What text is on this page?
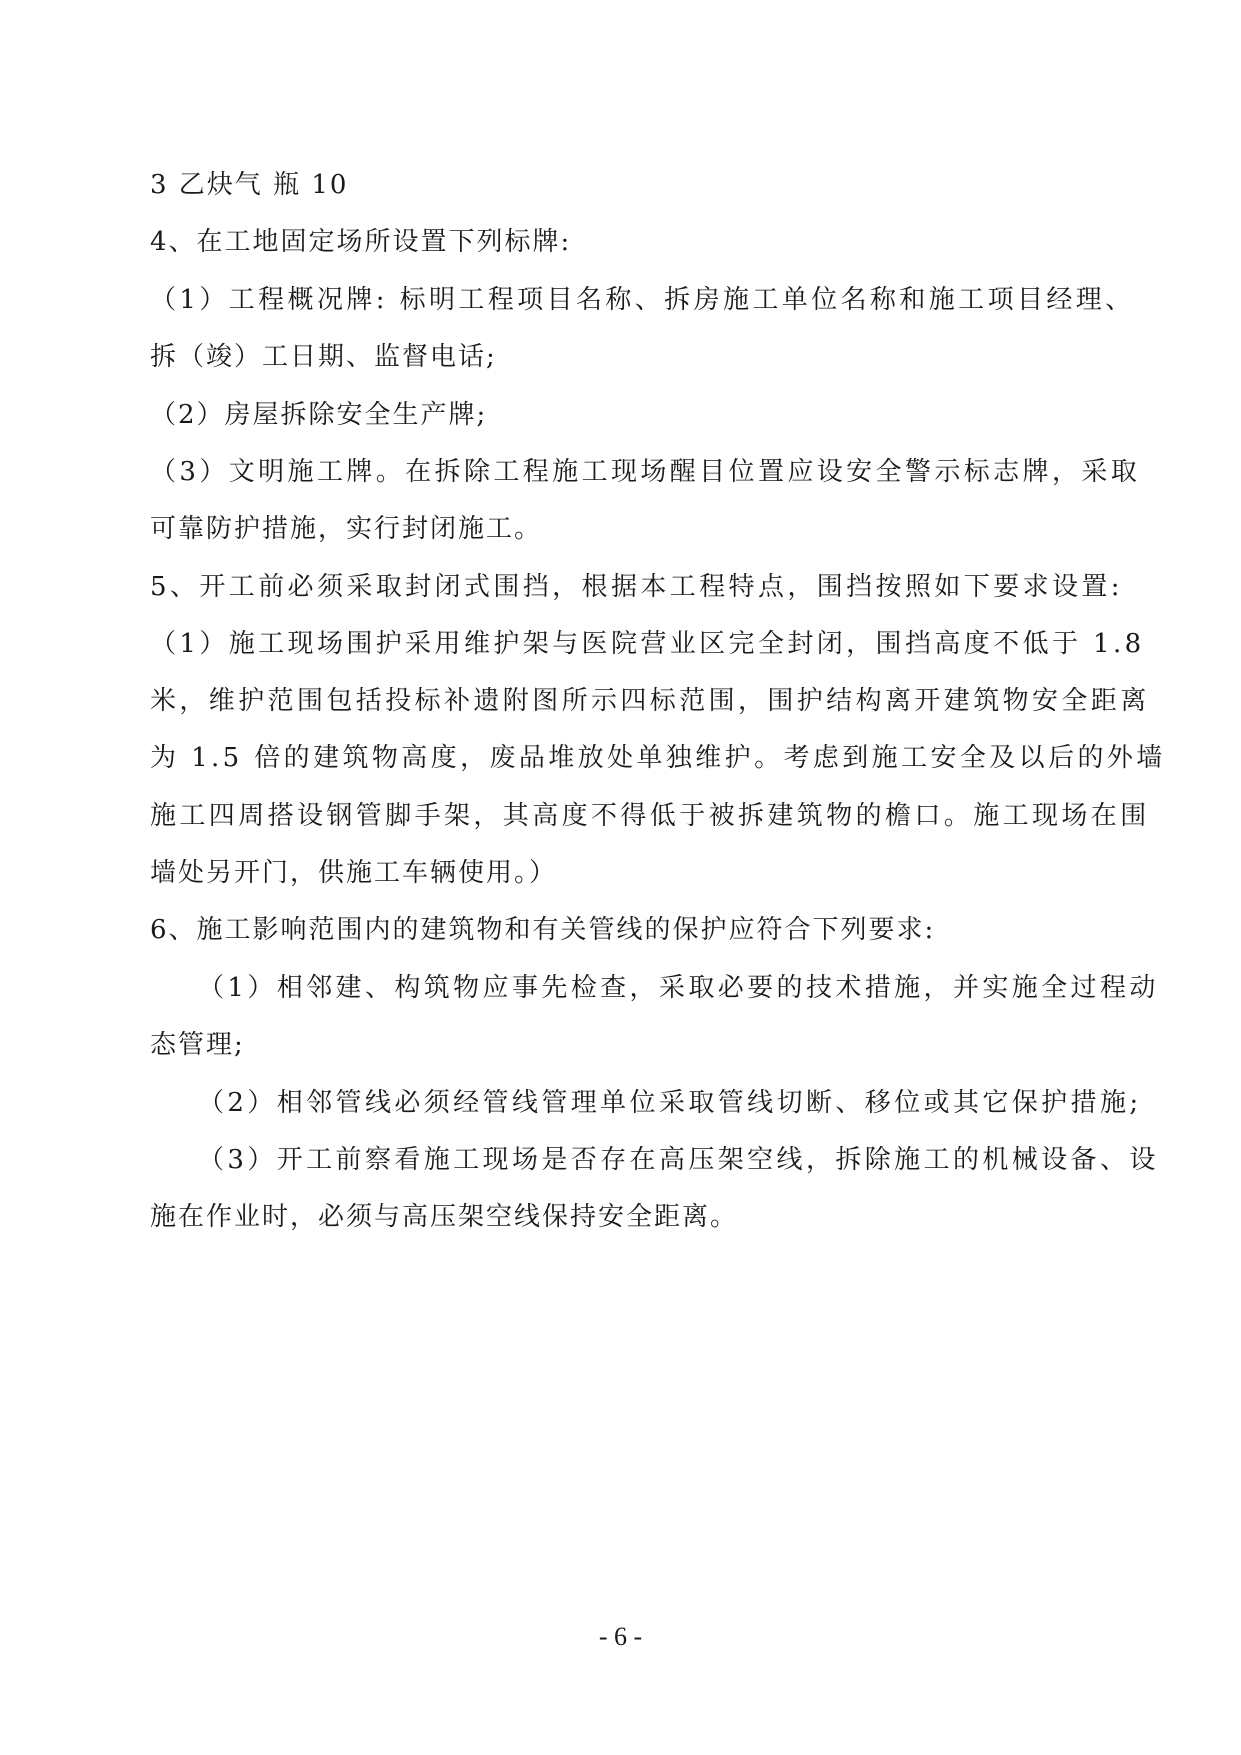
3 乙炔气 瓶 10
4、在工地固定场所设置下列标牌:
（1）工程概况牌: 标明工程项目名称、拆房施工单位名称和施工项目经理、
拆（竣）工日期、监督电话;
（2）房屋拆除安全生产牌;
（3）文明施工牌。在拆除工程施工现场醒目位置应设安全警示标志牌，采取
可靠防护措施，实行封闭施工。
5、开工前必须采取封闭式围挡，根据本工程特点，围挡按照如下要求设置:
（1）施工现场围护采用维护架与医院营业区完全封闭，围挡高度不低于 1.8
米，维护范围包括投标补遗附图所示四标范围，围护结构离开建筑物安全距离
为 1.5 倍的建筑物高度，废品堆放处单独维护。考虑到施工安全及以后的外墙
施工四周搭设钢管脚手架，其高度不得低于被拆建筑物的檐口。施工现场在围
墙处另开门，供施工车辆使用。）
6、施工影响范围内的建筑物和有关管线的保护应符合下列要求:
（1）相邻建、构筑物应事先检查，采取必要的技术措施，并实施全过程动
态管理;
（2）相邻管线必须经管线管理单位采取管线切断、移位或其它保护措施;
（3）开工前察看施工现场是否存在高压架空线，拆除施工的机械设备、设
施在作业时，必须与高压架空线保持安全距离。
- 6 -
